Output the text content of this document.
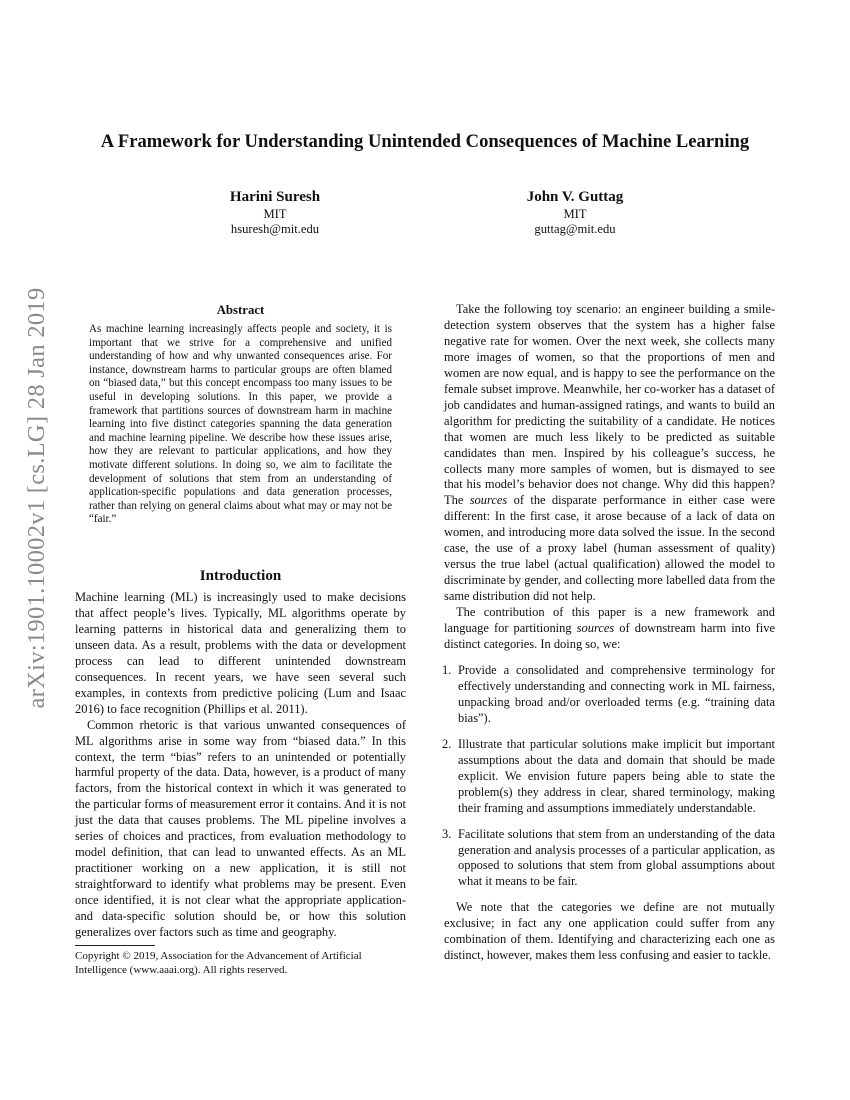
A Framework for Understanding Unintended Consequences of Machine Learning
Harini Suresh
MIT
hsuresh@mit.edu
John V. Guttag
MIT
guttag@mit.edu
arXiv:1901.10002v1 [cs.LG] 28 Jan 2019	Abstract
As machine learning increasingly affects people and society, it is important that we strive for a comprehensive and unified understanding of how and why unwanted consequences arise. For instance, downstream harms to particular groups are often blamed on “biased data,” but this concept encompass too many issues to be useful in developing solutions. In this paper, we provide a framework that partitions sources of downstream harm in machine learning into five distinct categories spanning the data generation and machine learning pipeline. We describe how these issues arise, how they are relevant to particular applications, and how they motivate different solutions. In doing so, we aim to facilitate the development of solutions that stem from an understanding of application-specific populations and data generation processes, rather than relying on general claims about what may or may not be “fair.”
Introduction

Machine learning (ML) is increasingly used to make decisions that affect people’s lives. Typically, ML algorithms operate by learning patterns in historical data and generalizing them to unseen data. As a result, problems with the data or development process can lead to different unintended downstream consequences. In recent years, we have seen several such examples, in contexts from predictive policing (Lum and Isaac 2016) to face recognition (Phillips et al. 2011).

Common rhetoric is that various unwanted consequences of ML algorithms arise in some way from “biased data.” In this context, the term “bias” refers to an unintended or potentially harmful property of the data. Data, however, is a product of many factors, from the historical context in which it was generated to the particular forms of measurement error it contains. And it is not just the data that causes problems. The ML pipeline involves a series of choices and practices, from evaluation methodology to model definition, that can lead to unwanted effects. As an ML practitioner working on a new application, it is still not straightforward to identify what problems may be present. Even once identified, it is not clear what the appropriate application- and data-specific solution should be, or how this solution generalizes over factors such as time and geography.

Copyright © 2019, Association for the Advancement of Artificial Intelligence (www.aaai.org). All rights reserved.

Take the following toy scenario: an engineer building a smile-detection system observes that the system has a higher false negative rate for women. Over the next week, she collects many more images of women, so that the proportions of men and women are now equal, and is happy to see the performance on the female subset improve. Meanwhile, her co-worker has a dataset of job candidates and human-assigned ratings, and wants to build an algorithm for predicting the suitability of a candidate. He notices that women are much less likely to be predicted as suitable candidates than men. Inspired by his colleague’s success, he collects many more samples of women, but is dismayed to see that his model’s behavior does not change. Why did this happen? The sources of the disparate performance in either case were different: In the first case, it arose because of a lack of data on women, and introducing more data solved the issue. In the second case, the use of a proxy label (human assessment of quality) versus the true label (actual qualification) allowed the model to discriminate by gender, and collecting more labelled data from the same distribution did not help.

The contribution of this paper is a new framework and language for partitioning sources of downstream harm into five distinct categories. In doing so, we:

1. Provide a consolidated and comprehensive terminology for effectively understanding and connecting work in ML fairness, unpacking broad and/or overloaded terms (e.g. “training data bias”).
2. Illustrate that particular solutions make implicit but important assumptions about the data and domain that should be made explicit. We envision future papers being able to state the problem(s) they address in clear, shared terminology, making their framing and assumptions immediately understandable.
3. Facilitate solutions that stem from an understanding of the data generation and analysis processes of a particular application, as opposed to solutions that stem from global assumptions about what it means to be fair.

We note that the categories we define are not mutually exclusive; in fact any one application could suffer from any combination of them. Identifying and characterizing each one as distinct, however, makes them less confusing and easier to tackle.
